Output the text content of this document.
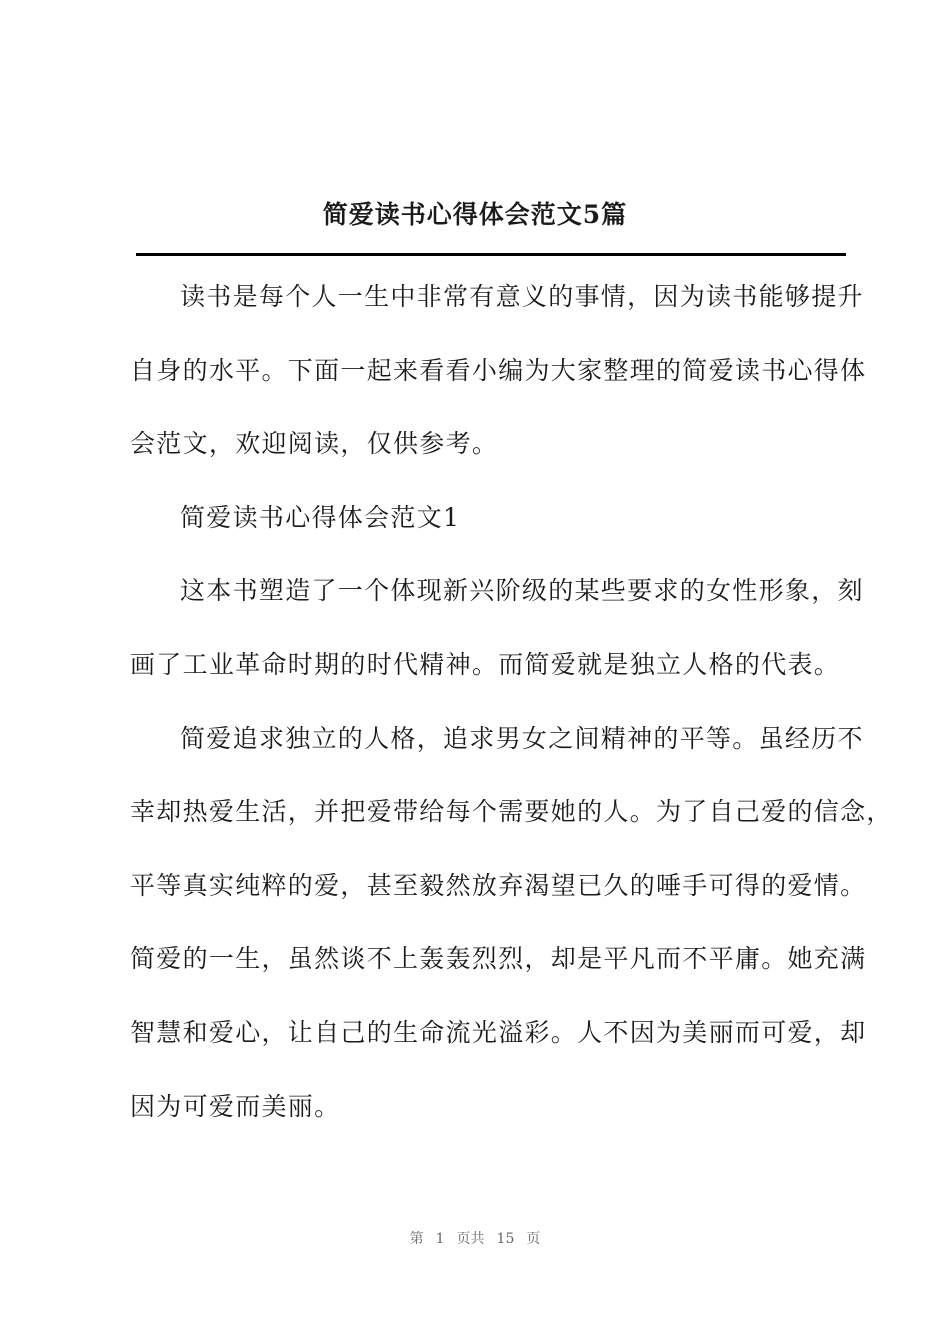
简爱读书心得体会范文5篇
读书是每个人一生中非常有意义的事情，因为读书能够提升
自身的水平。下面一起来看看小编为大家整理的简爱读书心得体
会范文，欢迎阅读，仅供参考。
简爱读书心得体会范文1
这本书塑造了一个体现新兴阶级的某些要求的女性形象，刻
画了工业革命时期的时代精神。而简爱就是独立人格的代表。
简爱追求独立的人格，追求男女之间精神的平等。虽经历不
幸却热爱生活，并把爱带给每个需要她的人。为了自己爱的信念，
平等真实纯粹的爱，甚至毅然放弃渴望已久的唾手可得的爱情。
简爱的一生，虽然谈不上轰轰烈烈，却是平凡而不平庸。她充满
智慧和爱心，让自己的生命流光溢彩。人不因为美丽而可爱，却
因为可爱而美丽。
第 1 页共 15 页
